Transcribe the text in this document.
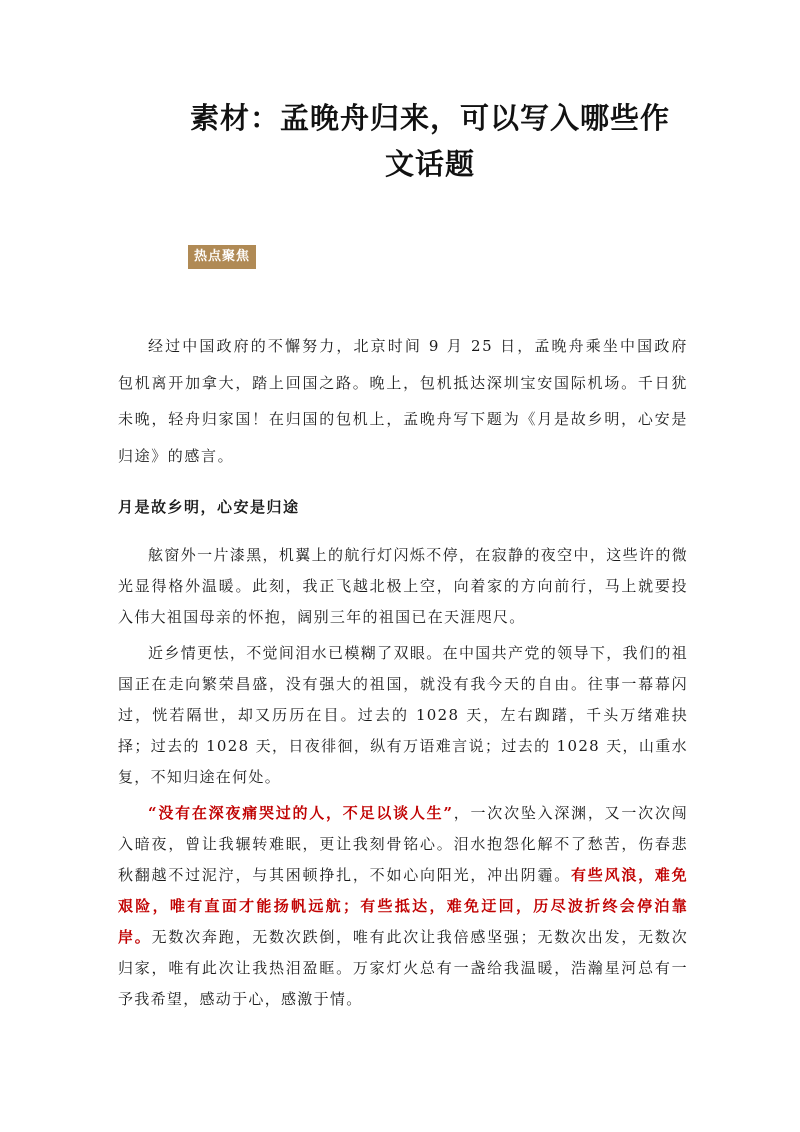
素材：孟晚舟归来，可以写入哪些作
文话题
热点聚焦
经过中国政府的不懈努力，北京时间 9 月 25 日，孟晚舟乘坐中国政府包机离开加拿大，踏上回国之路。晚上，包机抵达深圳宝安国际机场。千日犹未晚，轻舟归家国！在归国的包机上，孟晚舟写下题为《月是故乡明，心安是归途》的感言。
月是故乡明，心安是归途

舷窗外一片漆黑，机翼上的航行灯闪烁不停，在寂静的夜空中，这些许的微光显得格外温暖。此刻，我正飞越北极上空，向着家的方向前行，马上就要投入伟大祖国母亲的怀抱，阔别三年的祖国已在天涯咫尺。

近乡情更怯，不觉间泪水已模糊了双眼。在中国共产党的领导下，我们的祖国正在走向繁荣昌盛，没有强大的祖国，就没有我今天的自由。往事一幕幕闪过，恍若隔世，却又历历在目。过去的 1028 天，左右踟躇，千头万绪难抉择；过去的 1028 天，日夜徘徊，纵有万语难言说；过去的 1028 天，山重水复，不知归途在何处。

“没有在深夜痛哭过的人，不足以谈人生”，一次次坠入深渊，又一次次闯入暗夜，曾让我辗转难眠，更让我刻骨铭心。泪水抱怨化解不了愁苦，伤春悲秋翻越不过泥泞，与其困顿挣扎，不如心向阳光，冲出阴霾。有些风浪，难免艰险，唯有直面才能扬帆远航；有些抵达，难免迂回，历尽波折终会停泊靠岸。无数次奔跑，无数次跌倒，唯有此次让我倍感坚强；无数次出发，无数次归家，唯有此次让我热泪盈眶。万家灯火总有一盏给我温暖，浩瀚星河总有一予我希望，感动于心，感激于情。
